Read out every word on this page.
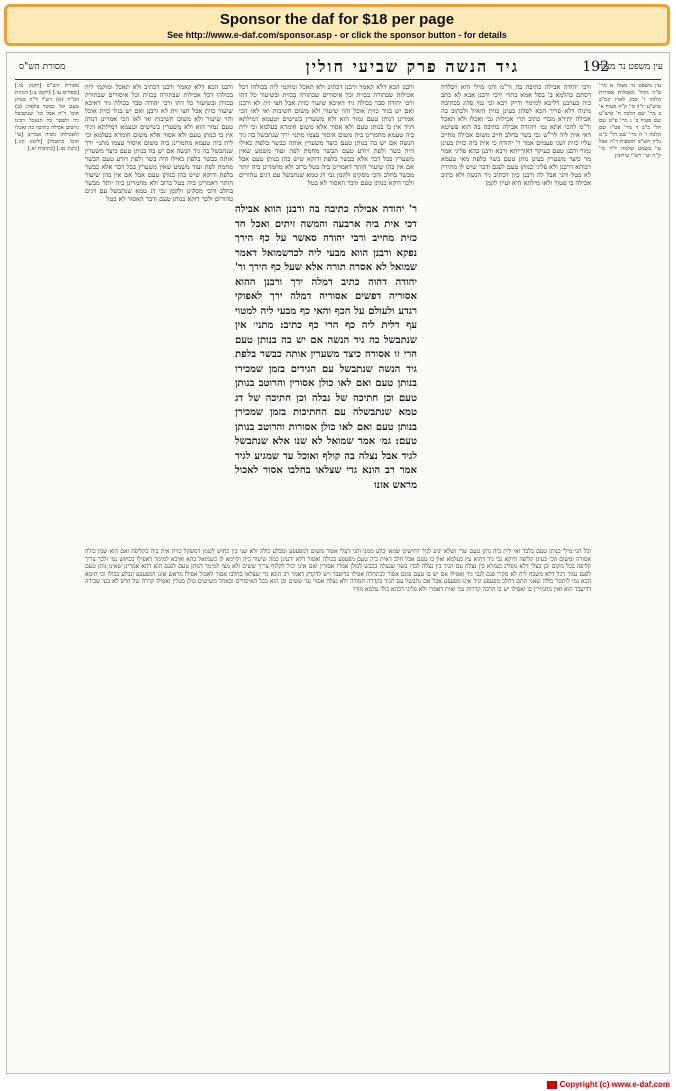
Sponsor the daf for $18 per page
See http://www.e-daf.com/sponsor.asp - or click the sponsor button - for details
192
גיד הנשה פרק שביעי חולין	עין משפט נר מצוה
מסורת הש"ס

עין משפט נר מצוה א מיי' פ"ח מהל' מאכלות אסורות הלכה ו' סמג לאוין קמ"ב טוש"ע יו"ד סי' ק"ה סעיף א' ב מיי' שם הלכה ח' טוש"ע שם סעיף ב' ג מיי' פ"ט שם הל' כ"ב ד מיי' פט"ו שם הלכה ו' ה מיי' שם הל' כ"ט נליון הש"ס תוספות ד"ה אבל עי' בשמע שלמה יו"ד סי' ק"ה ועי' רש"י עירובין

ורבי יהודה אבילה כתיבה בה ור"מ והני מילי הוא ויבלדה דסתם כהלמא ב' בסל אמא בתרי ירכי ורבנן אבא לא כתב ביה בערבנן דליכא למימר ודייק רבא וכי נמי פלוג בכתיבה מיניה דלא פריך הכא לפלוג בעינן כזית הואיל ולכתוב בה אבילה יתירא מכדי כתיב תרי אכילות גבי ואכלו ולא תאכל ור"מ להכי אתא גמ׳ ויהודה אבילה כתיבה בה הוא פשיטא דאי אית ליה לר"ש גבי בשר בחלב חייב משום אכילה מחייב עליו כזית ושני פעמים אמר ר' יהודה כי אית ביה כזית בעינן גמור ורבנן טעם כעיקר דאורייתא ורבא ורבנן בהא פליגי אמר מר כיצד משערין בעינן נותן טעם בשר בלפת מאי טעמא רבותא דרבנן ולא פליגי בנותן טעם לפגם ודבר שיש לו מתירין לא בטל והני אבל לה ורבנן כיון דכתיב גיד הנשה ולא כתיב אכילה בו פטור ולאו מילתא היא ועיין לקמן

ר' יהודה אבילה כתיבה בה ורבנן הווא אבילה דכי אית ביה ארבעה והמשה זיתים ואכל חד כזית מחייב ורבי יהודה סאשר על כף הירך נפקא ורבנן הווא מבעי ליה לכדשמואל דאמר שמואל לא אסרה תורה אלא שעל כף הירך ור' יהודה דהוה כתיב דמלה ירך ורבנן ההוא אסוריה דפשים אסוריה דמלה ירך לאפוקי רגדע ולעולם על הכף והאי כף מבעי ליה למטוי עף דלית ליה כף הרי כף כתיב: מתני׳ אין שנתבשל בה גיד הנשה אם יש בה בנותן טעם הרי זו אסורה כיצד משערין אותה כבשר בלפת גיד הנשה שנתבשל עם הגידים בזמן שמכירו בנותן טעם ואם לאו כולן אסורין והרוטב בנותן טעם וכן חתיכה של נבלה וכן חתיכה של דג טמא שנתבשלה עם החתיכות בזמן שמכירן בנותן טעם ואם לאו כולן אסורות והרוטב בנותן טעם: גמ׳ אמר שמואל לא שנו אלא שנתבשל לגיד אבל נצלה בה קולף ואוכל עד שמגיע לגיד אמר רב הונא גדי שצלאו בחלבו אסור לאכול מראש אזנו

ורבנן הכא דלא קאמר ורבנן דכתיב ולא תאכל ומוקמי ליה בכולהו דכל אכילות שבתורה בכזית וכל איסורים שבתורה בכזית ובשיעור כל דהו ורבי יהודה סבר בכולה גיד דאיכא שיעור כזית אבל חצי זית לא ורבנן ואם יש בגיד כזית אוכל והוי שיעור ולא משום חשיבות ואי לאו הכי אמרינן דנותן טעם גמור הוא ולא משערין בשישים וטעמא דמילתא דגיד אין בו בנותן טעם ולא אסור אלא משום חומרא בעלמא וכי לית ביה טעמא מחמרינן ביה משום איסור עצמו מתני׳ ירך שנתבשל בה גיד הנשה אם יש בה בנותן טעם כיצד משערין אותה כבשר בלפת כאילו היה בשר ולפת ויודע טעם הבשר מחמת לפת ועוד משמע שאין משערין בכל דבר אלא בבשר בלפת ודוקא שיש בהן בנותן טעם אבל אם אין בהן שיעור הותר דאמרינן ביה בטל ברוב ולא מחמרינן ביה יותר מבשר בחלב והכי מסקינן ולקמן גבי דג טמא שנתבשל עם דגים טהורים ולכך דוקא בנותן טעם ודבר האסור לא בטל

ורבנן הכא דלא קאמר ורבנן דכתיב ולא תאכל ומוקמי ליה בכולהו דכל אכילות שבתורה בכזית וכל איסורים שבתורה בכזית ובשיעור כל דהו ורבי יהודה סבר בכולה גיד דאיכא שיעור כזית אבל חצי זית לא ורבנן ואם יש בגיד כזית אוכל והוי שיעור ולא משום חשיבות ואי לאו הכי אמרינן דנותן טעם גמור הוא ולא משערין בשישים וטעמא דמילתא דגיד אין בו בנותן טעם ולא אסור אלא משום חומרא בעלמא וכי לית ביה טעמא מחמרינן ביה משום איסור עצמו מתני׳ ירך שנתבשל בה גיד הנשה אם יש בה בנותן טעם כיצד משערין אותה כבשר בלפת כאילו היה בשר ולפת ויודע טעם הבשר מחמת לפת ועוד משמע שאין משערין בכל דבר אלא בבשר בלפת ודוקא שיש בהן בנותן טעם אבל אם אין בהן שיעור הותר דאמרינן ביה בטל ברוב ולא מחמרינן ביה יותר מבשר בחלב והכי מסקינן ולקמן גבי דג טמא שנתבשל עם דגים טהורים ולכך דוקא בנותן טעם ודבר האסור לא בטל

מסורת הש"ס [לקמן צו.] [פסחים עו.] [לקמן צ:] הגהות הב"ח (א) רש"י ד"ה בנותן טעם וכו' כבשר בלפת: (ב) תוס' ד"ה אבל וכו' שנתבשל גיד ולפטר כל הנאכל רבינו גרשום אבילה כתיבה בה ואכלו ולאכילתו גופיה אמרינן [עי' תוס' כתובות] [לקמן קכ.] [גיטין נט.] [כתובות יא.]

וכל הני מילי בנותן טעם בלבד ואי לית ביה נותן טעם שרי ושלא יגיע לגיד דחישינן שמא יבלע ממנו והני דצלי אסור משום דמפעפע ומבלע כולה ולא שני בין כחוש לשמן דמשקל כזית אית ביה בקליפה ואם הוא שמן כולה אסורה ומשום הכי בעינן קליפה ודוקא גבי גיד דהוא עץ בעלמא ואין בו טעם אבל חלב דאית ביה טעם מפעפע בכולה ואסור דלא ידעינן כמה שיעור ביה וקיימא לן כשמואל בהא ואיכא למימר דאפילו בכחוש נמי ולכך צריך קליפה בכל מקום וכן בצלי דלא מפליג בגמרא בין נצלה עם הגיד בין נצלה לבדו בשר שנצלה בכבש לכולן אמרו אסורין ואם אינו יכול לקלוף צריך ששים ולא מצי למימר דנותן טעם לפגם הוא דהא אמרינן שאינו נותן טעם לפגם גמור דכל דלא משבח ליה לא מקרי פגם לגבי גיד ואפילו אם יש בו טעם פוגם אסור לכתחלה אפילו בדיעבד ויש לדקדק דאמר רב הונא גדי שצלאו בחלבו אסור לאכול אפילו מראש אזנו דמפעפע ונבלע בכולו וכי תימא הכא נמי ליתסר כולה שאני התם דחלב מפעפע וגיד אינו מפעפע אבל אם נתבשל עם הגיד בקדרה חמורה ולא נצלה אסור עד ששים וכן הוא בכל האיסורים ובאחד משישים כולן בטלין ואפילו קדרה של חרס לא בעי שבירה דדיעבד הוא ואין מחמירין בו ואפילו יש בו הרבה קדרות נמי ואית דאמרי ולא פליגי דבהא כולי עלמא מודו

Copyright (c) www.e-daf.com
